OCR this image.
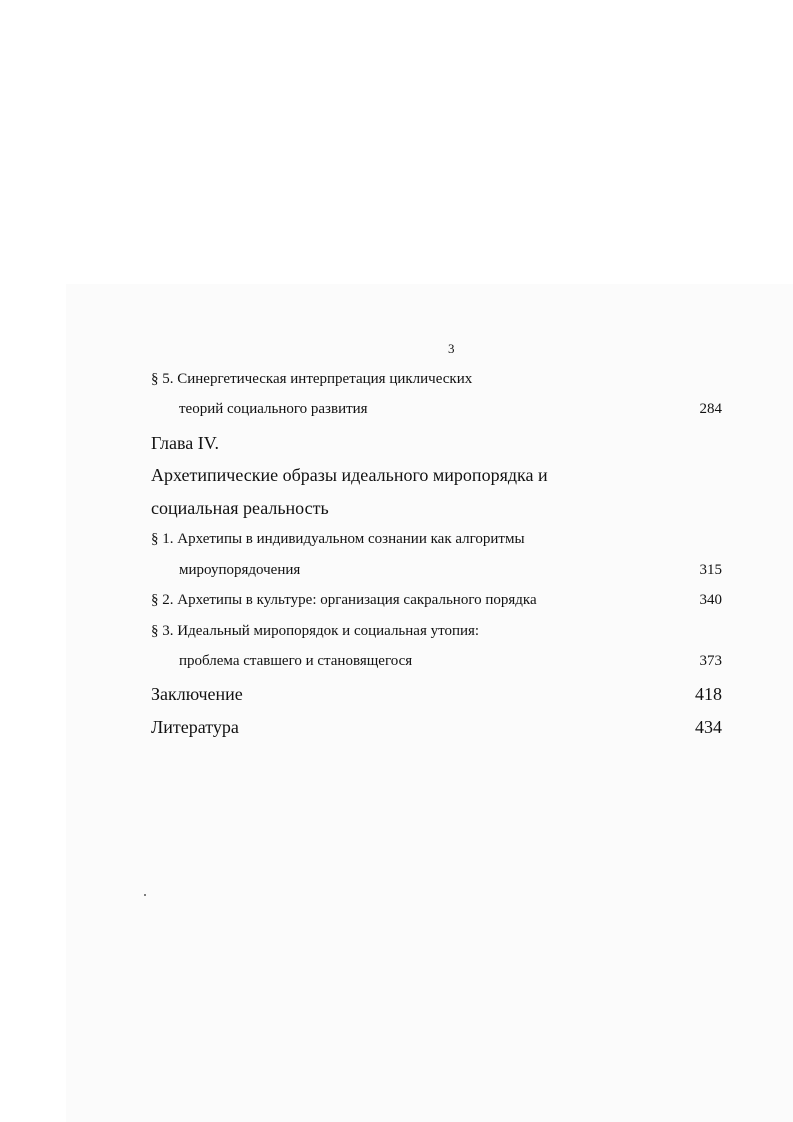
3
§ 5. Синергетическая интерпретация циклических
теорий социального развития	284
Глава IV.
Архетипические образы идеального миропорядка и
социальная реальность
§ 1. Архетипы в индивидуальном сознании как алгоритмы
мироупорядочения	315
§ 2. Архетипы в культуре: организация сакрального порядка	340
§ 3. Идеальный миропорядок и социальная утопия:
проблема ставшего и становящегося	373
Заключение	418
Литература	434
